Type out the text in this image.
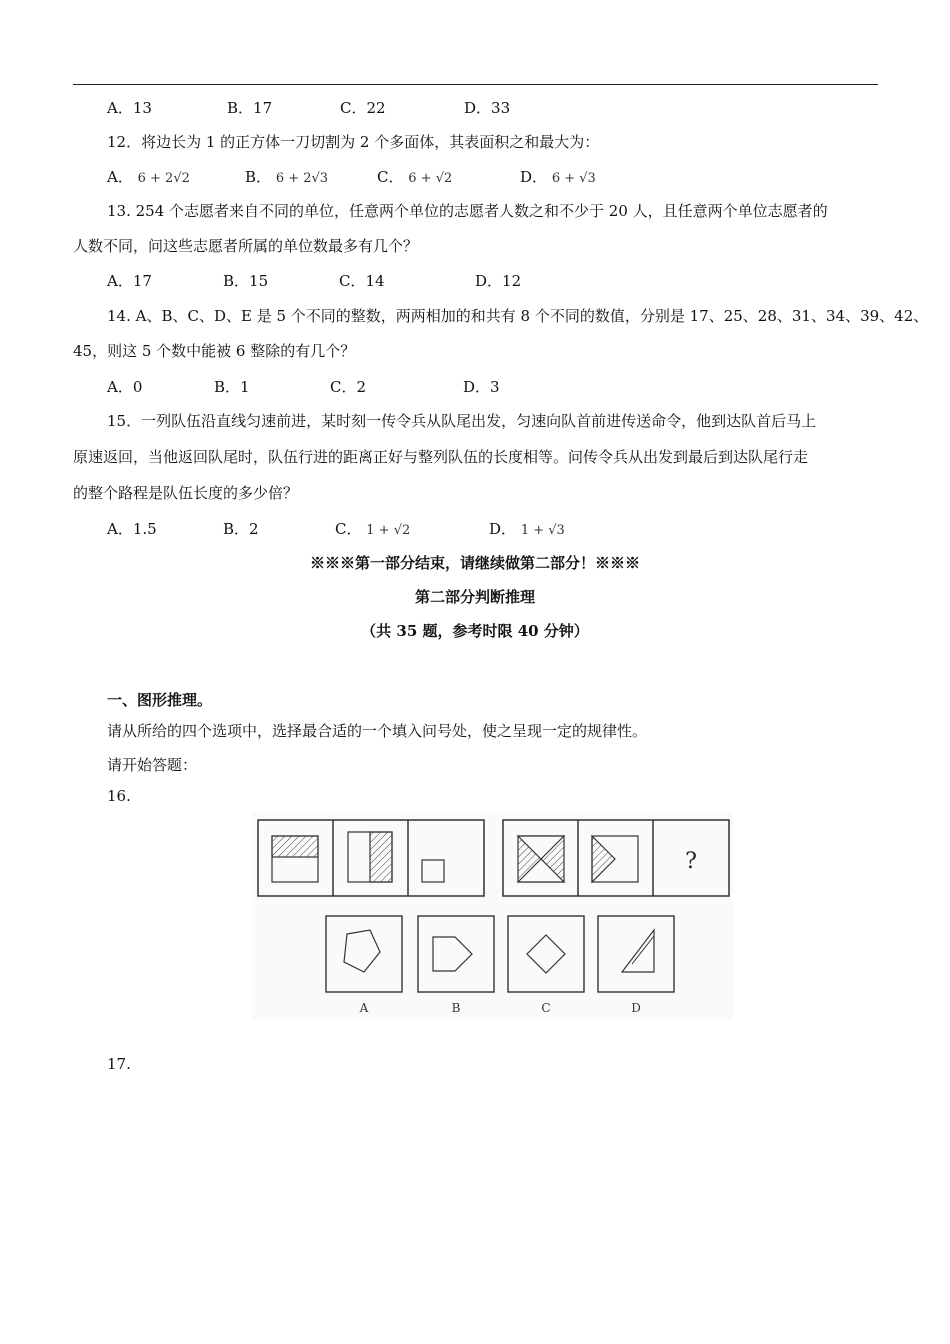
A．13	B．17	C．22	D．33
12．将边长为 1 的正方体一刀切割为 2 个多面体，其表面积之和最大为：
A． 6 + 2√2	B． 6 + 2√3	C． 6 + √2	D． 6 + √3
13. 254 个志愿者来自不同的单位，任意两个单位的志愿者人数之和不少于 20 人，且任意两个单位志愿者的
人数不同，问这些志愿者所属的单位数最多有几个？
A．17	B．15	C．14	D．12
14. A、B、C、D、E 是 5 个不同的整数，两两相加的和共有 8 个不同的数值，分别是 17、25、28、31、34、39、42、
45，则这 5 个数中能被 6 整除的有几个？
A．0	B．1	C．2	D．3
15．一列队伍沿直线匀速前进，某时刻一传令兵从队尾出发，匀速向队首前进传送命令，他到达队首后马上
原速返回，当他返回队尾时，队伍行进的距离正好与整列队伍的长度相等。问传令兵从出发到最后到达队尾行走
的整个路程是队伍长度的多少倍？
A．1.5	B．2	C． 1 + √2	D． 1 + √3
※※※第一部分结束，请继续做第二部分！※※※
第二部分判断推理
（共 35 题，参考时限 40 分钟）
一、图形推理。
请从所给的四个选项中，选择最合适的一个填入问号处，使之呈现一定的规律性。
请开始答题：
16.
?
A	B	C	D
17.
